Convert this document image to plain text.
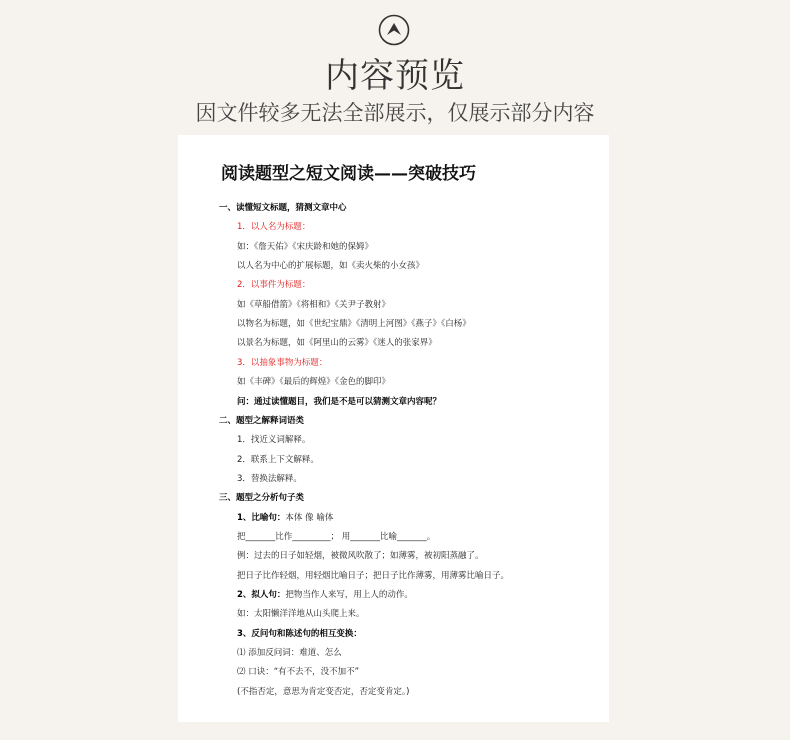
内容预览
因文件较多无法全部展示，仅展示部分内容
阅读题型之短文阅读——突破技巧
一、读懂短文标题，猜测文章中心
1．以人名为标题：
如：《詹天佑》《宋庆龄和她的保姆》
以人名为中心的扩展标题，如《卖火柴的小女孩》
2．以事件为标题：
如《草船借箭》《将相和》《关尹子教射》
以物名为标题，如《世纪宝鼎》《清明上河图》《燕子》《白杨》
以景名为标题，如《阿里山的云雾》《迷人的张家界》
3．以抽象事物为标题：
如《丰碑》《最后的辉煌》《金色的脚印》
问：通过读懂题目，我们是不是可以猜测文章内容呢？
二、题型之解释词语类
1．找近义词解释。
2．联系上下文解释。
3．替换法解释。
三、题型之分析句子类
1、比喻句：本体 像 喻体
把_______比作_________； 用_______比喻_______。
例：过去的日子如轻烟，被微风吹散了；如薄雾，被初阳蒸融了。
把日子比作轻烟，用轻烟比喻日子；把日子比作薄雾，用薄雾比喻日子。
2、拟人句：把物当作人来写，用上人的动作。
如：太阳懒洋洋地从山头爬上来。
3、反问句和陈述句的相互变换：
⑴ 添加反问词：难道、怎么
⑵ 口诀：“有不去不，没不加不”
(不指否定，意思为肯定变否定，否定变肯定。)
